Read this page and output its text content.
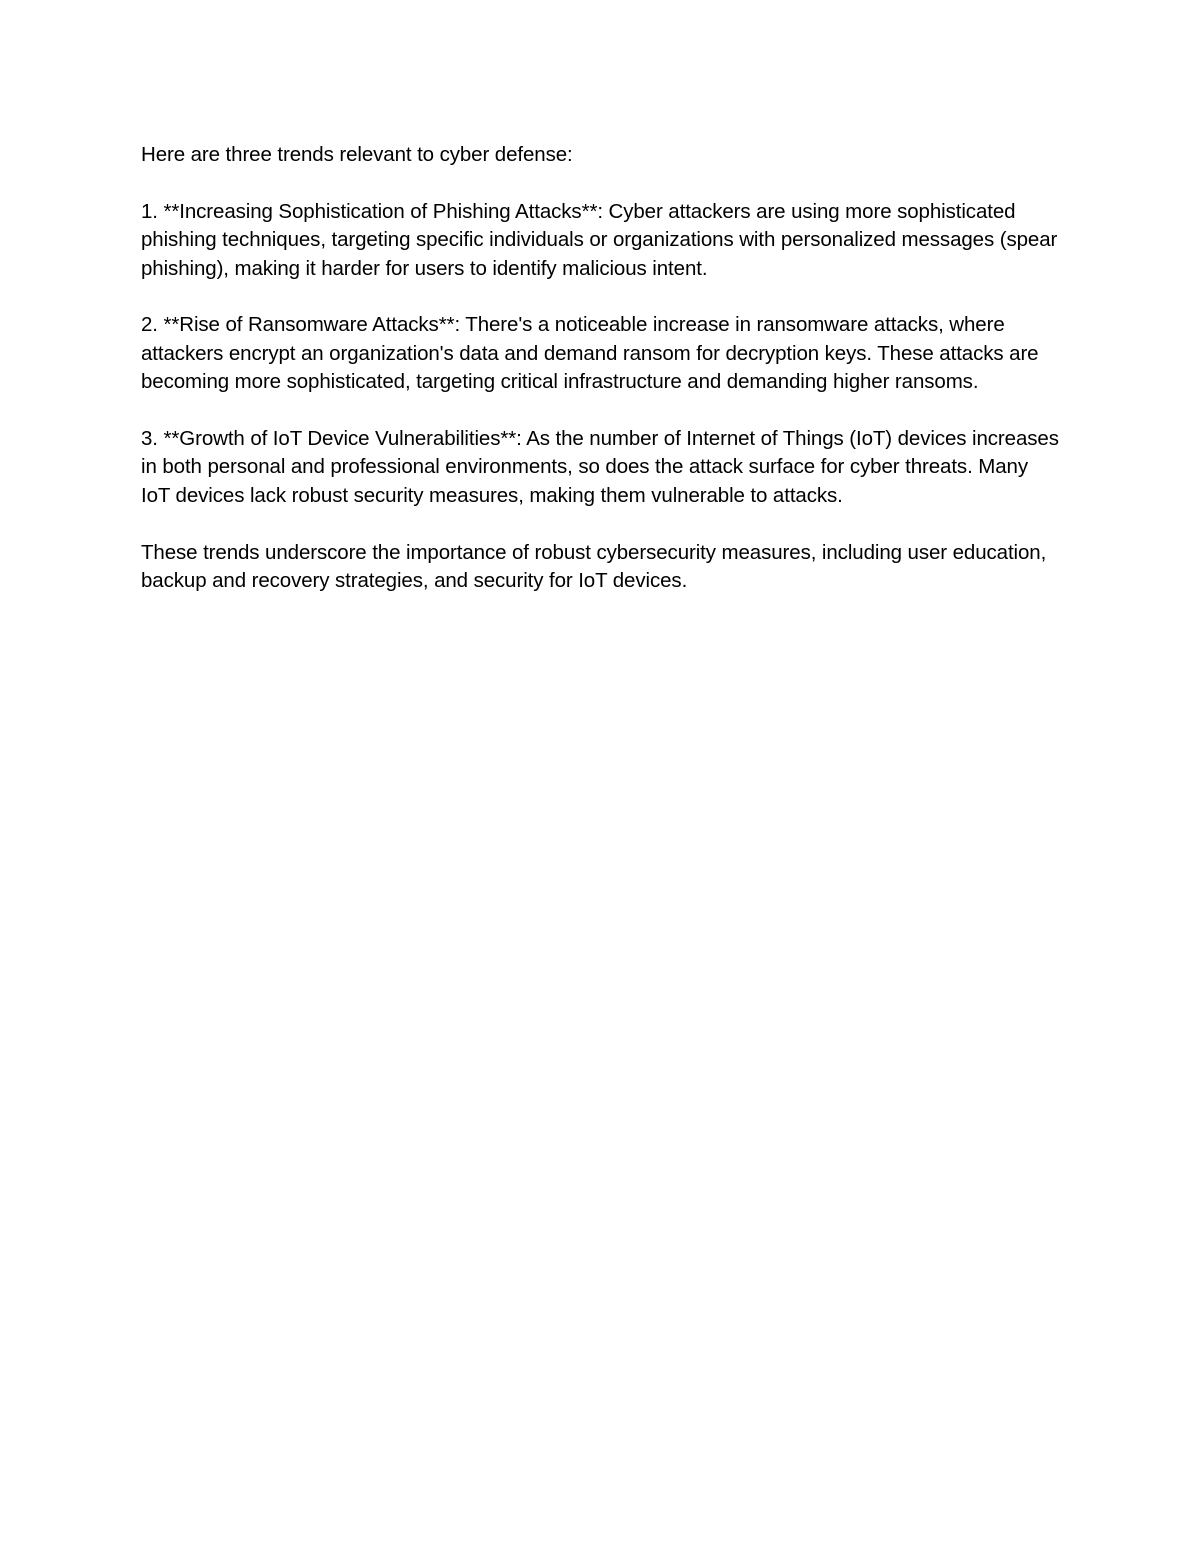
Here are three trends relevant to cyber defense:

1. **Increasing Sophistication of Phishing Attacks**: Cyber attackers are using more sophisticated phishing techniques, targeting specific individuals or organizations with personalized messages (spear phishing), making it harder for users to identify malicious intent.

2. **Rise of Ransomware Attacks**: There's a noticeable increase in ransomware attacks, where attackers encrypt an organization's data and demand ransom for decryption keys. These attacks are becoming more sophisticated, targeting critical infrastructure and demanding higher ransoms.

3. **Growth of IoT Device Vulnerabilities**: As the number of Internet of Things (IoT) devices increases in both personal and professional environments, so does the attack surface for cyber threats. Many IoT devices lack robust security measures, making them vulnerable to attacks.

These trends underscore the importance of robust cybersecurity measures, including user education, backup and recovery strategies, and security for IoT devices.
